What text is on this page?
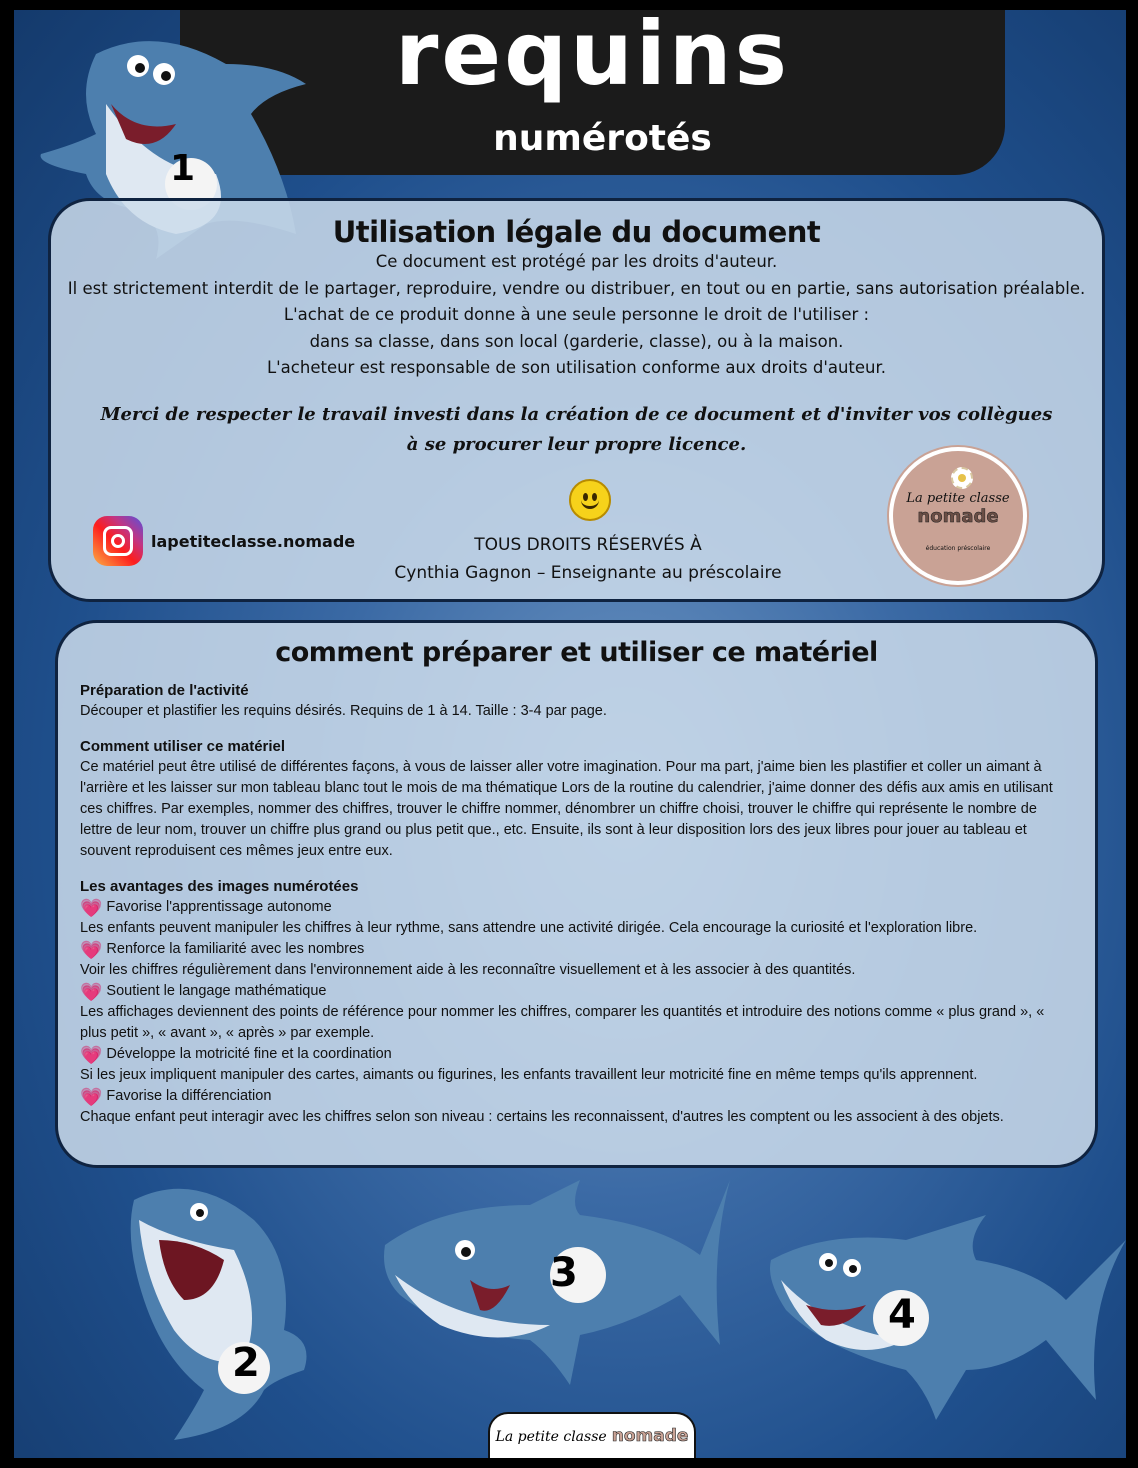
requins
numérotés
1
Utilisation légale du document
Ce document est protégé par les droits d'auteur.
Il est strictement interdit de le partager, reproduire, vendre ou distribuer, en tout ou en partie, sans autorisation préalable.
L'achat de ce produit donne à une seule personne le droit de l'utiliser :
dans sa classe, dans son local (garderie, classe), ou à la maison.
L'acheteur est responsable de son utilisation conforme aux droits d'auteur.
Merci de respecter le travail investi dans la création de ce document et d'inviter vos collègues
à se procurer leur propre licence.
lapetiteclasse.nomade	TOUS DROITS RÉSERVÉS À
Cynthia Gagnon – Enseignante au préscolaire
La petite classe
nomade
éducation préscolaire
comment préparer et utiliser ce matériel
Préparation de l'activité
Découper et plastifier les requins désirés. Requins de 1 à 14. Taille : 3-4 par page.
Comment utiliser ce matériel
Ce matériel peut être utilisé de différentes façons, à vous de laisser aller votre imagination. Pour ma part, j'aime bien les plastifier et coller un aimant à l'arrière et les laisser sur mon tableau blanc tout le mois de ma thématique Lors de la routine du calendrier, j'aime donner des défis aux amis en utilisant ces chiffres. Par exemples, nommer des chiffres, trouver le chiffre nommer, dénombrer un chiffre choisi, trouver le chiffre qui représente le nombre de lettre de leur nom, trouver un chiffre plus grand ou plus petit que., etc. Ensuite, ils sont à leur disposition lors des jeux libres pour jouer au tableau et souvent reproduisent ces mêmes jeux entre eux.
Les avantages des images numérotées
💗 Favorise l'apprentissage autonome
Les enfants peuvent manipuler les chiffres à leur rythme, sans attendre une activité dirigée. Cela encourage la curiosité et l'exploration libre.
💗 Renforce la familiarité avec les nombres
Voir les chiffres régulièrement dans l'environnement aide à les reconnaître visuellement et à les associer à des quantités.
💗 Soutient le langage mathématique
Les affichages deviennent des points de référence pour nommer les chiffres, comparer les quantités et introduire des notions comme « plus grand », « plus petit », « avant », « après » par exemple.
💗 Développe la motricité fine et la coordination
Si les jeux impliquent manipuler des cartes, aimants ou figurines, les enfants travaillent leur motricité fine en même temps qu'ils apprennent.
💗 Favorise la différenciation
Chaque enfant peut interagir avec les chiffres selon son niveau : certains les reconnaissent, d'autres les comptent ou les associent à des objets.
2
3
4
La petite classe nomade
